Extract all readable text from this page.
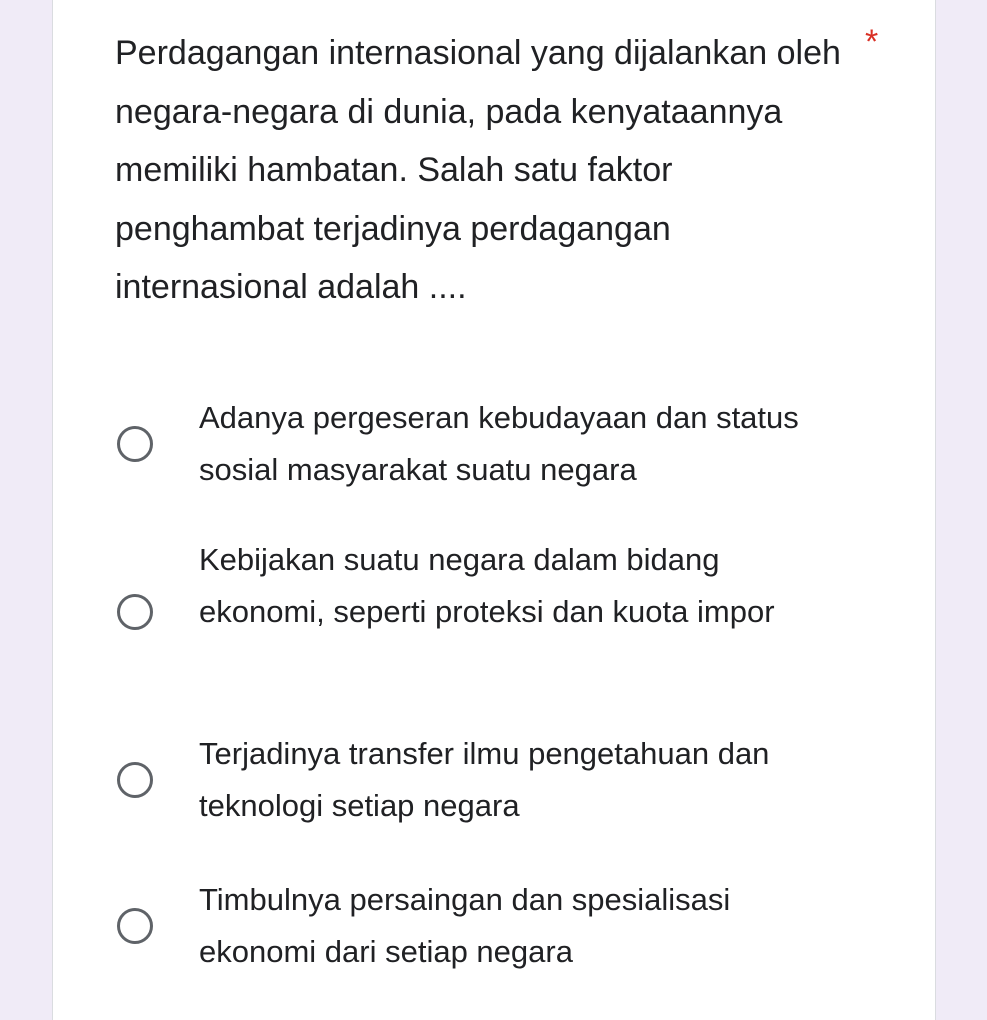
Perdagangan internasional yang dijalankan oleh negara-negara di dunia, pada kenyataannya memiliki hambatan. Salah satu faktor penghambat terjadinya perdagangan internasional adalah ....

*
Adanya pergeseran kebudayaan dan status sosial masyarakat suatu negara
Kebijakan suatu negara dalam bidang ekonomi, seperti proteksi dan kuota impor
Terjadinya transfer ilmu pengetahuan dan teknologi setiap negara
Timbulnya persaingan dan spesialisasi ekonomi dari setiap negara
